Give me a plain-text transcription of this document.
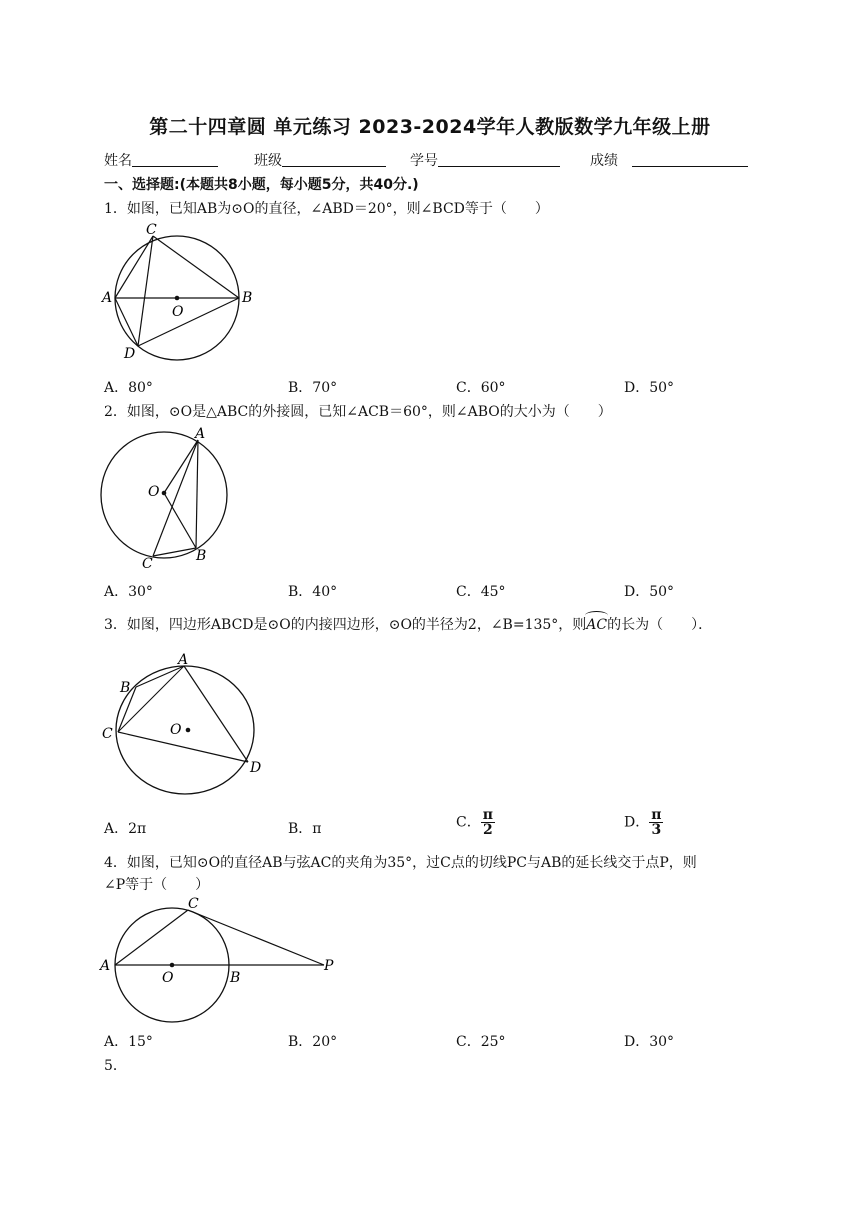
第二十四章圆 单元练习 2023-2024学年人教版数学九年级上册
姓名	班级	学号	成绩
一、选择题:(本题共8小题，每小题5分，共40分.)
1．如图，已知AB为⊙O的直径，∠ABD＝20°，则∠BCD等于（　　）
A	B
C
D
O
A．80°	B．70°	C．60°	D．50°
2．如图，⊙O是△ABC的外接圆，已知∠ACB＝60°，则∠ABO的大小为（　　）
A
B
C
O
A．30°	B．40°	C．45°	D．50°
3．如图，四边形ABCD是⊙O的内接四边形，⊙O的半径为2，∠B=135°，则AC的长为（　　）．
A
B
C
D
O
A．2π	B．π	C． $\frac{\pi}{2}$	D． $\frac{\pi}{3}$
4．如图，已知⊙O的直径AB与弦AC的夹角为35°，过C点的切线PC与AB的延长线交于点P，则
∠P等于（　　）
A
B
C
O
P
A．15°	B．20°	C．25°	D．30°
5．
